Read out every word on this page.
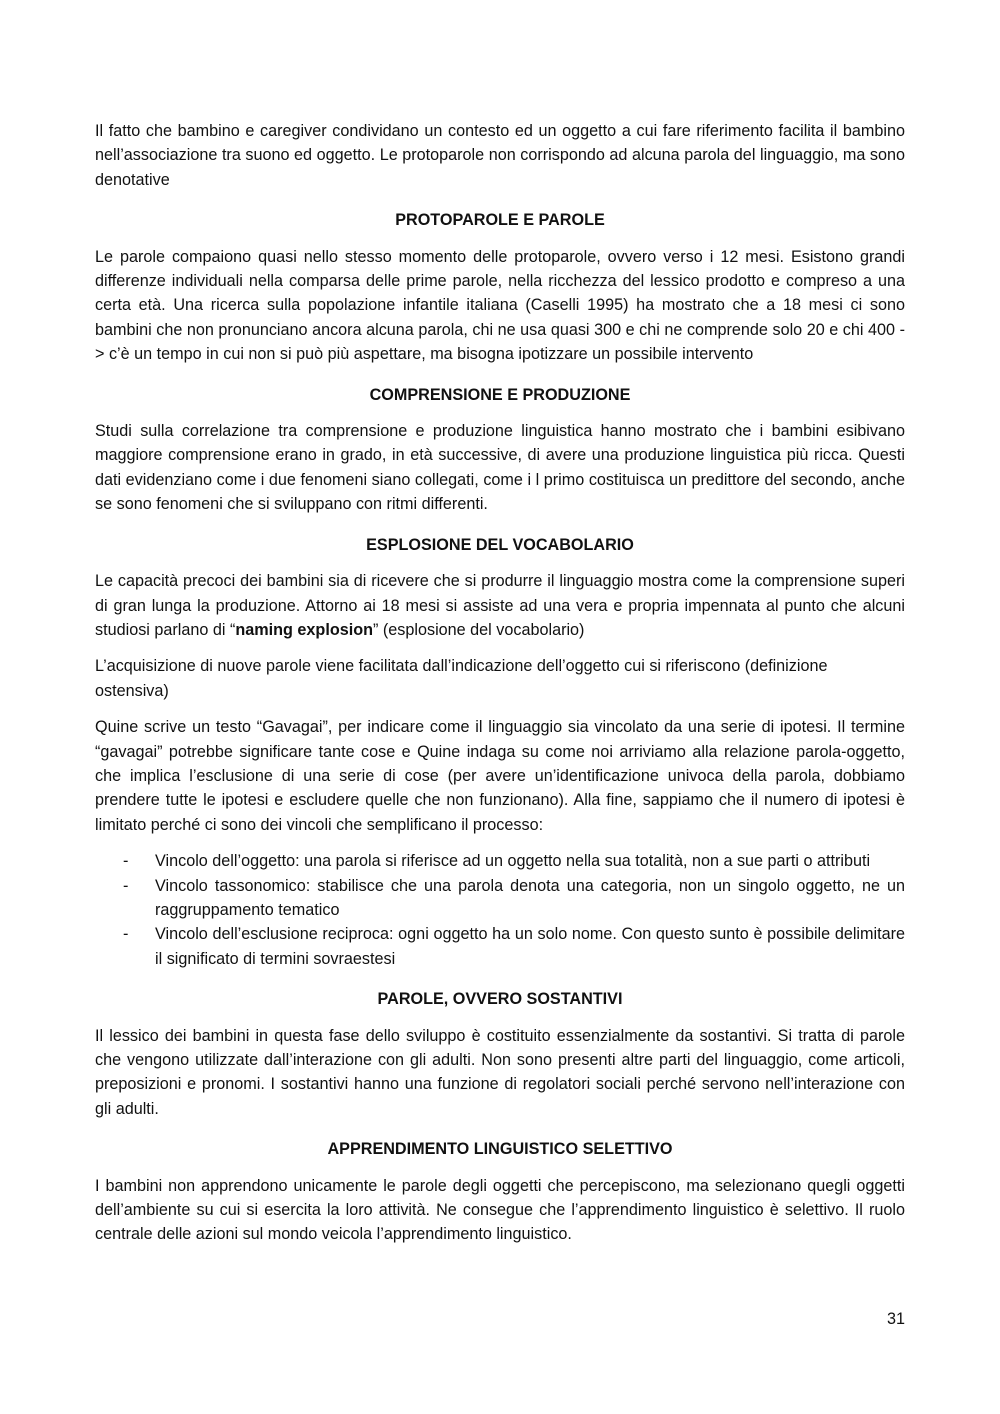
Il fatto che bambino e caregiver condividano un contesto ed un oggetto a cui fare riferimento facilita il bambino nell’associazione tra suono ed oggetto. Le protoparole non corrispondo ad alcuna parola del linguaggio, ma sono denotative

PROTOPAROLE E PAROLE

Le parole compaiono quasi nello stesso momento delle protoparole, ovvero verso i 12 mesi. Esistono grandi differenze individuali nella comparsa delle prime parole, nella ricchezza del lessico prodotto e compreso a una certa età. Una ricerca sulla popolazione infantile italiana (Caselli 1995) ha mostrato che a 18 mesi ci sono bambini che non pronunciano ancora alcuna parola, chi ne usa quasi 300 e chi ne comprende solo 20 e chi 400 -> c’è un tempo in cui non si può più aspettare, ma bisogna ipotizzare un possibile intervento

COMPRENSIONE E PRODUZIONE

Studi sulla correlazione tra comprensione e produzione linguistica hanno mostrato che i bambini esibivano maggiore comprensione erano in grado, in età successive, di avere una produzione linguistica più ricca. Questi dati evidenziano come i due fenomeni siano collegati, come i l primo costituisca un predittore del secondo, anche se sono fenomeni che si sviluppano con ritmi differenti.

ESPLOSIONE DEL VOCABOLARIO

Le capacità precoci dei bambini sia di ricevere che si produrre il linguaggio mostra come la comprensione superi di gran lunga la produzione. Attorno ai 18 mesi si assiste ad una vera e propria impennata al punto che alcuni studiosi parlano di “naming explosion” (esplosione del vocabolario)

L’acquisizione di nuove parole viene facilitata dall’indicazione dell’oggetto cui si riferiscono (definizione ostensiva)

Quine scrive un testo “Gavagai”, per indicare come il linguaggio sia vincolato da una serie di ipotesi. Il termine “gavagai” potrebbe significare tante cose e Quine indaga su come noi arriviamo alla relazione parola-oggetto, che implica l’esclusione di una serie di cose (per avere un’identificazione univoca della parola, dobbiamo prendere tutte le ipotesi e escludere quelle che non funzionano). Alla fine, sappiamo che il numero di ipotesi è limitato perché ci sono dei vincoli che semplificano il processo:

- Vincolo dell’oggetto: una parola si riferisce ad un oggetto nella sua totalità, non a sue parti o attributi
- Vincolo tassonomico: stabilisce che una parola denota una categoria, non un singolo oggetto, ne un raggruppamento tematico
- Vincolo dell’esclusione reciproca: ogni oggetto ha un solo nome. Con questo sunto è possibile delimitare il significato di termini sovraestesi
PAROLE, OVVERO SOSTANTIVI

Il lessico dei bambini in questa fase dello sviluppo è costituito essenzialmente da sostantivi. Si tratta di parole che vengono utilizzate dall’interazione con gli adulti. Non sono presenti altre parti del linguaggio, come articoli, preposizioni e pronomi. I sostantivi hanno una funzione di regolatori sociali perché servono nell’interazione con gli adulti.

APPRENDIMENTO LINGUISTICO SELETTIVO

I bambini non apprendono unicamente le parole degli oggetti che percepiscono, ma selezionano quegli oggetti dell’ambiente su cui si esercita la loro attività. Ne consegue che l’apprendimento linguistico è selettivo. Il ruolo centrale delle azioni sul mondo veicola l’apprendimento linguistico.

31
